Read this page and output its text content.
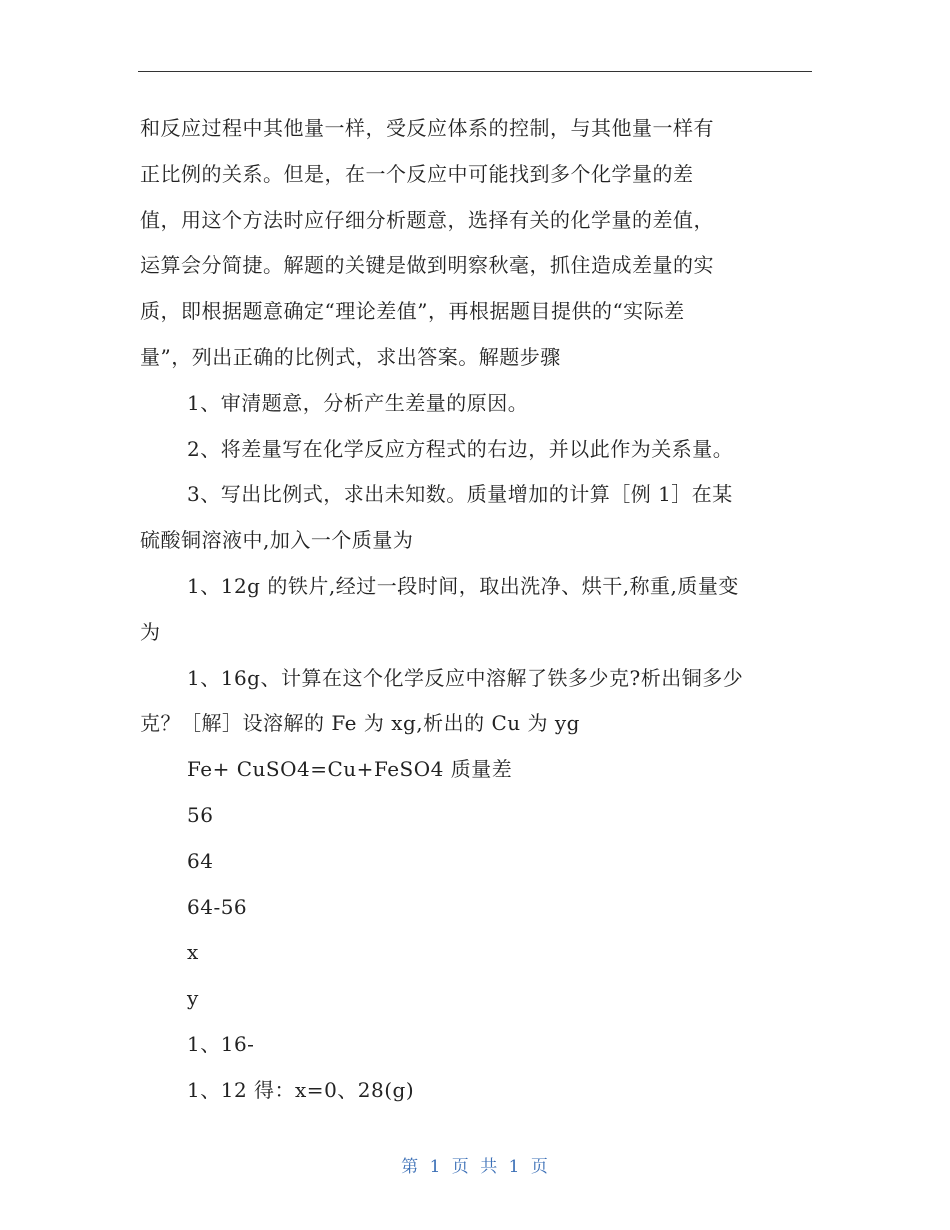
和反应过程中其他量一样，受反应体系的控制，与其他量一样有
正比例的关系。但是，在一个反应中可能找到多个化学量的差
值，用这个方法时应仔细分析题意，选择有关的化学量的差值，
运算会分简捷。解题的关键是做到明察秋毫，抓住造成差量的实
质，即根据题意确定“理论差值”，再根据题目提供的“实际差
量”，列出正确的比例式，求出答案。解题步骤
1、审清题意，分析产生差量的原因。
2、将差量写在化学反应方程式的右边，并以此作为关系量。
3、写出比例式，求出未知数。质量增加的计算［例 1］在某
硫酸铜溶液中,加入一个质量为
1、12g 的铁片,经过一段时间，取出洗净、烘干,称重,质量变
为
1、16g、计算在这个化学反应中溶解了铁多少克?析出铜多少
克？［解］设溶解的 Fe 为 xg,析出的 Cu 为 yg
Fe+ CuSO4=Cu+FeSO4 质量差
56
64
64-56
x
y
1、16-
1、12 得：x=0、28(g)
第 1 页 共 1 页
